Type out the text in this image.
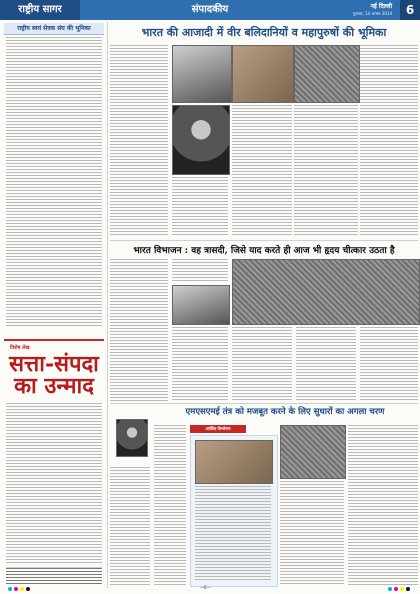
राष्ट्रीय सागर	संपादकीय	नई दिल्ली
गुरुवार, 14 अगस्त 2014	6
राष्ट्रीय स्वयं सेवक संघ की भूमिका
विशेष लेख
सत्ता-संपदा
का उन्माद
भारत की आजादी में वीर बलिदानियों व महापुरुषों की भूमिका
भारत विभाजन : वह त्रासदी, जिसे याद करते ही आज भी हृदय चीत्कार उठता है
एमएसएमई तंत्र को मजबूत करने के लिए सुधारों का अगला चरण
आर्थिक विश्लेषण
—6—
